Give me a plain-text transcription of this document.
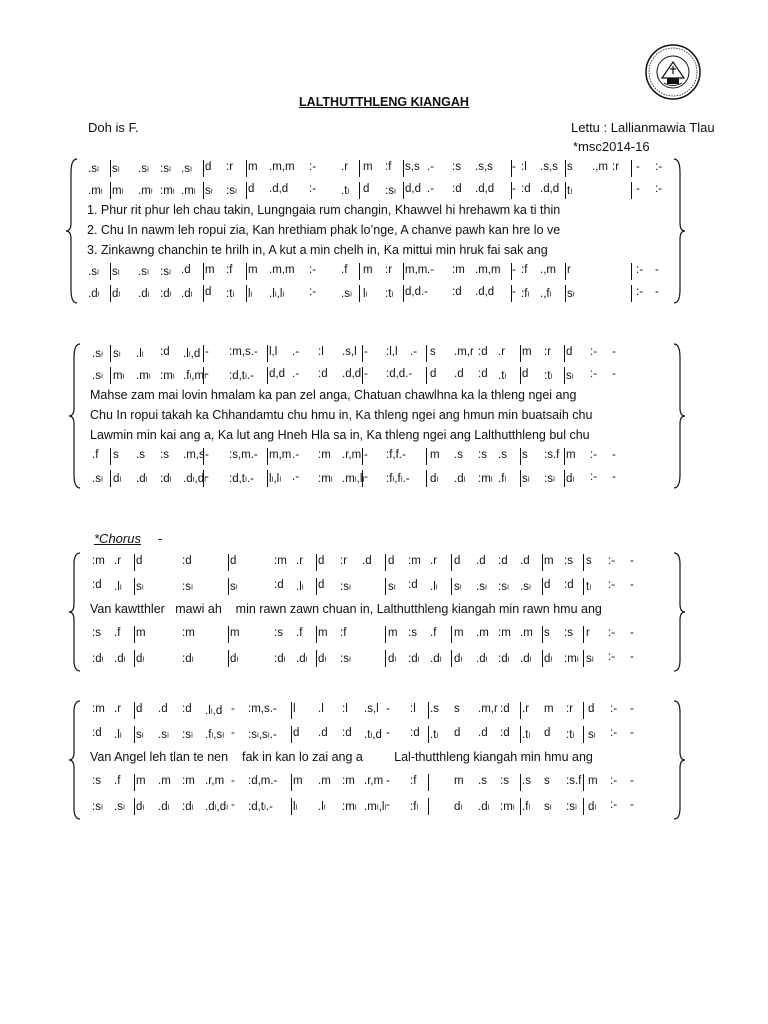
LALTHUTTHLENG KIANGAH
Doh is F.	Lettu : Lallianmawia Tlau
*msc2014-16
.sₗ sₗ .sₗ :sₗ .sₗ d :r m .m,m :- .r m :f s,s .- :s .s,s - :l .s,s s .,m :r - :-
.mₗ mₗ .mₗ :mₗ .mₗ sₗ :sₗ d .d,d :- .tₗ d :sₗ d,d .- :d .d,d - :d .d,d tₗ	- :-
1. Phur rit phur leh chau takin, Lungngaia rum changin, Khawvel hi hrehawm ka ti thin
2. Chu In nawm leh ropui zia, Kan hrethiam phak lo’nge, A chanve pawh kan hre lo ve
3. Zinkawng chanchin te hrilh in, A kut a min chelh in, Ka mittui min hruk fai sak ang
.sₗ sₗ .sₗ :sₗ .d m :f m .m,m :- .f m :r m,m .- :m .m,m - :f .,m r	:- -
.dₗ dₗ .dₗ :dₗ .dₗ d :tₗ lₗ .lₗ,lₗ :- .sₗ lₗ :tₗ d,d.- :d .d,d - :fₗ .,fₗ sₗ	:- -
.sₗ sₗ .lₗ :d .lₗ,d - :m,s.- l,l .- :l .s,l - :l,l .- s .m,r :d .r m :r d :- -
.sₗ mₗ .mₗ :mₗ .fₗ,mₗ - :d,tₗ.- d,d .- :d .d,d - :d,d.- d .d :d .tₗ d :tₗ sₗ :- -
Mahse zam mai lovin hmalam ka pan zel anga, Chatuan chawlhna ka la thleng ngei ang
Chu In ropui takah ka Chhandamtu chu hmu in, Ka thleng ngei ang hmun min buatsaih chu
Lawmin min kai ang a, Ka lut ang Hneh Hla sa in, Ka thleng ngei ang Lalthutthleng bul chu
.f s .s :s .m,s - :s,m.- m,m .- :m .r,m - :f,f.- m .s :s .s s :s.f m :- -
.sₗ dₗ .dₗ :dₗ .dₗ,dₗ - :d,tₗ.- lₗ,lₗ .- :mₗ .mₗ,lₗ - :fₗ,fₗ.- dₗ .dₗ :mₗ .fₗ sₗ :sₗ dₗ :- -
:m .r d	:d	d	:m .r d :r .d d :m .r d .d :d .d m :s s :- -
:d .lₗ sₗ	:sₗ	sₗ	:d .lₗ d :sₗ	sₗ :d .lₗ sₗ .sₗ :sₗ .sₗ d :d tₗ :- -
Van kawtthler   mawi ah    min rawn zawn chuan in, Lalthutthleng kiangah min rawn hmu ang
:s .f m	:m	m	:s .f m :f	m :s .f m .m :m .m s :s r :- -
:dₗ .dₗ dₗ	:dₗ	dₗ	:dₗ .dₗ dₗ :sₗ	dₗ :dₗ .dₗ dₗ .dₗ :dₗ .dₗ dₗ :mₗ sₗ :- -
:m .r d .d :d .lₗ,d - :m,s.- l .l :l .s,l - :l .s s .m,r :d .r m :r d :- -
:d .lₗ sₗ .sₗ :sₗ .fₗ,sₗ - :sₗ,sₗ.- d .d :d .tₗ,d - :d .tₗ d .d :d .tₗ d :tₗ sₗ :- -
Van Angel leh tlan te nen    fak in kan lo zai ang a         Lal-thutthleng kiangah min hmu ang
:s .f m .m :m .r,m - :d,m.- m .m :m .r,m - :f	m .s :s .s s :s.f m :- -
:sₗ .sₗ dₗ .dₗ :dₗ .dₗ,dₗ - :d,tₗ.- lₗ .lₗ :mₗ .mₗ,lₗ - :fₗ	dₗ .dₗ :mₗ .fₗ sₗ :sₗ dₗ :- -
*Chorus -
